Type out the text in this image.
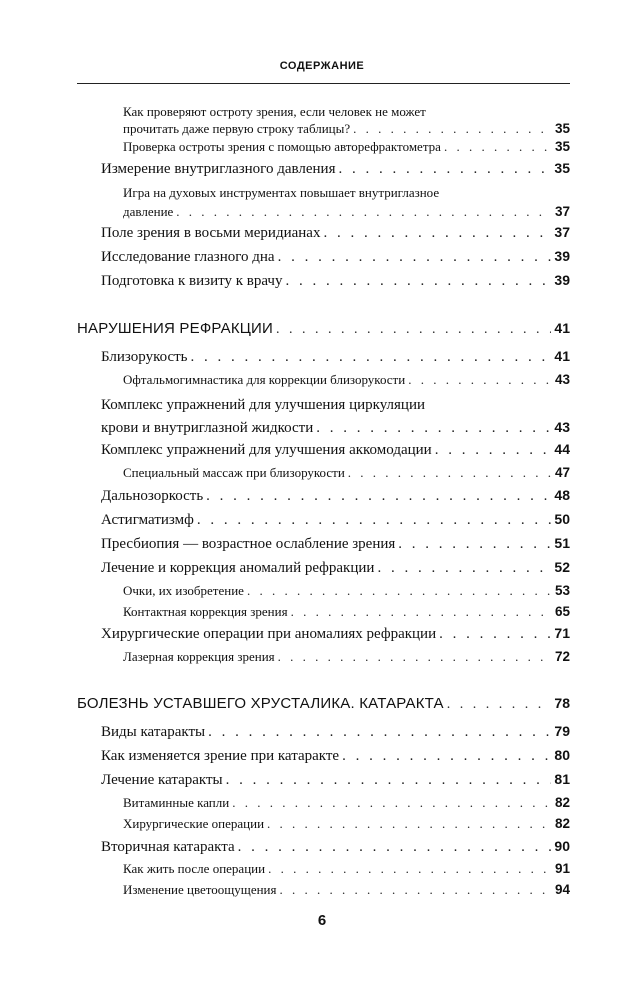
СОДЕРЖАНИЕ
Как проверяют остроту зрения, если человек не может
прочитать даже первую строку таблицы? . . .	35
Проверка остроты зрения с помощью авторефрактометра . . .	35
Измерение внутриглазного давления . . .	35
Игра на духовых инструментах повышает внутриглазное
давление . . .	37
Поле зрения в восьми меридианах . . .	37
Исследование глазного дна . . .	39
Подготовка к визиту к врачу . . .	39
НАРУШЕНИЯ РЕФРАКЦИИ . . .	41
Близорукость . . .	41
Офтальмогимнастика для коррекции близорукости . . .	43
Комплекс упражнений для улучшения циркуляции
крови и внутриглазной жидкости . . .	43
Комплекс упражнений для улучшения аккомодации . . .	44
Специальный массаж при близорукости . . .	47
Дальнозоркость . . .	48
Астигматизмф . . .	50
Пресбиопия — возрастное ослабление зрения . . .	51
Лечение и коррекция аномалий рефракции . . .	52
Очки, их изобретение . . .	53
Контактная коррекция зрения . . .	65
Хирургические операции при аномалиях рефракции . . .	71
Лазерная коррекция зрения . . .	72
БОЛЕЗНЬ УСТАВШЕГО ХРУСТАЛИКА. КАТАРАКТА . . .	78
Виды катаракты . . .	79
Как изменяется зрение при катаракте . . .	80
Лечение катаракты . . .	81
Витаминные капли . . .	82
Хирургические операции . . .	82
Вторичная катаракта . . .	90
Как жить после операции . . .	91
Изменение цветоощущения . . .	94
6
